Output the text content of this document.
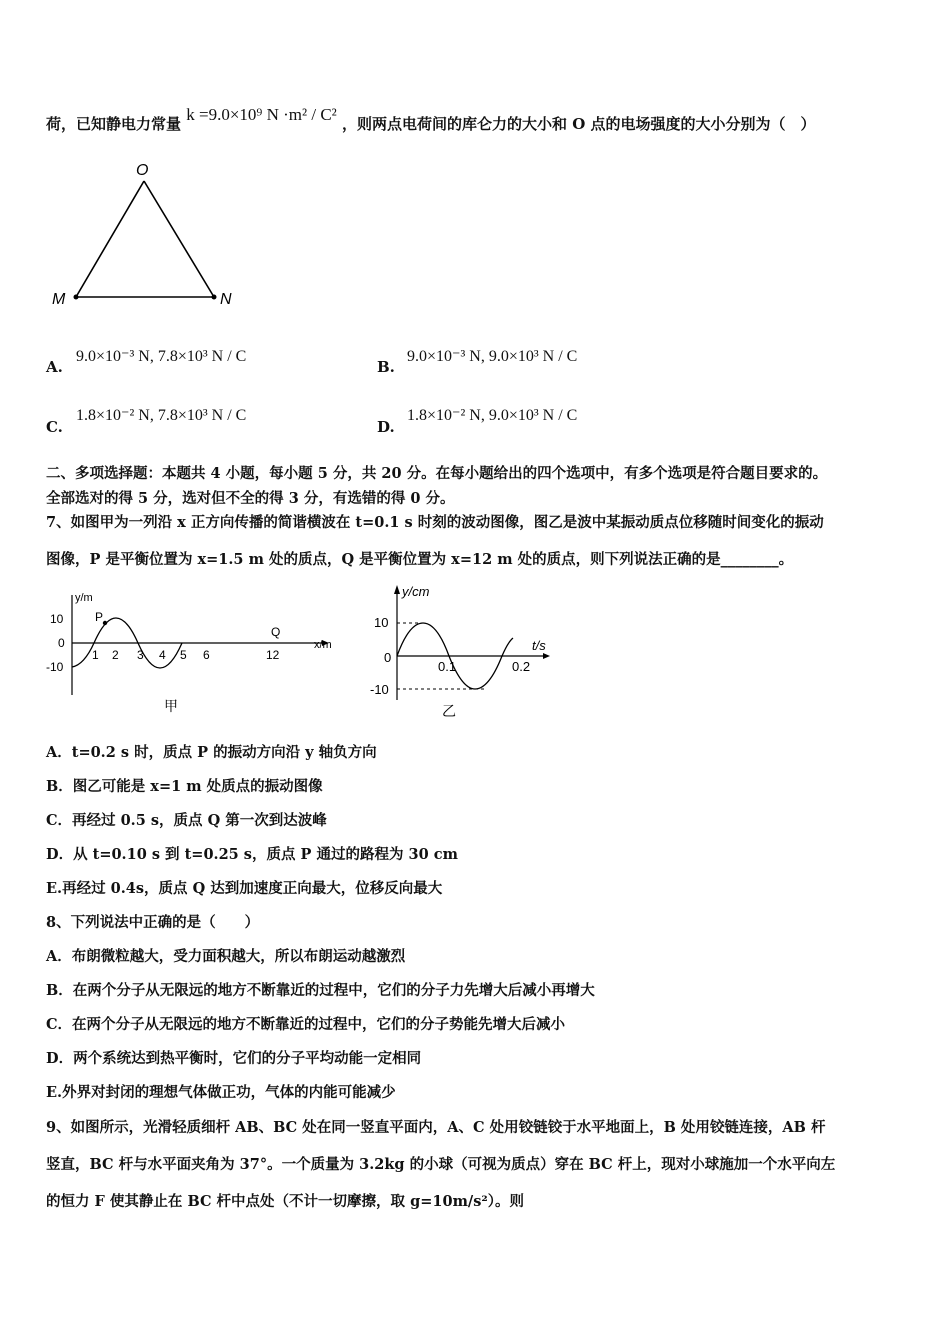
荷，已知静电力常量 k =9.0×10⁹ N ·m² / C² ，则两点电荷间的库仑力的大小和 O 点的电场强度的大小分别为（　）
O
M	N
A.
9.0×10⁻³ N, 7.8×10³ N / C
B.
9.0×10⁻³ N, 9.0×10³ N / C
C.
1.8×10⁻² N, 7.8×10³ N / C
D.
1.8×10⁻² N, 9.0×10³ N / C
二、多项选择题：本题共 4 小题，每小题 5 分，共 20 分。在每小题给出的四个选项中，有多个选项是符合题目要求的。
全部选对的得 5 分，选对但不全的得 3 分，有选错的得 0 分。
7、如图甲为一列沿 x 正方向传播的简谐横波在 t=0.1 s 时刻的波动图像，图乙是波中某振动质点位移随时间变化的振动
图像，P 是平衡位置为 x=1.5 m 处的质点，Q 是平衡位置为 x=12 m 处的质点，则下列说法正确的是________。
y/m
x/m
10
0
-10
1 2 3 4 5 6	12
P
Q
甲
y/cm
t/s
10
0
-10
0.1	0.2
乙
A．t=0.2 s 时，质点 P 的振动方向沿 y 轴负方向
B．图乙可能是 x=1 m 处质点的振动图像
C．再经过 0.5 s，质点 Q 第一次到达波峰
D．从 t=0.10 s 到 t=0.25 s，质点 P 通过的路程为 30 cm
E.再经过 0.4s，质点 Q 达到加速度正向最大，位移反向最大
8、下列说法中正确的是（　　）
A．布朗微粒越大，受力面积越大，所以布朗运动越激烈
B．在两个分子从无限远的地方不断靠近的过程中，它们的分子力先增大后减小再增大
C．在两个分子从无限远的地方不断靠近的过程中，它们的分子势能先增大后减小
D．两个系统达到热平衡时，它们的分子平均动能一定相同
E.外界对封闭的理想气体做正功，气体的内能可能减少
9、如图所示，光滑轻质细杆 AB、BC 处在同一竖直平面内，A、C 处用铰链铰于水平地面上，B 处用铰链连接，AB 杆
竖直，BC 杆与水平面夹角为 37°。一个质量为 3.2kg 的小球（可视为质点）穿在 BC 杆上，现对小球施加一个水平向左
的恒力 F 使其静止在 BC 杆中点处（不计一切摩擦，取 g=10m/s²）。则
